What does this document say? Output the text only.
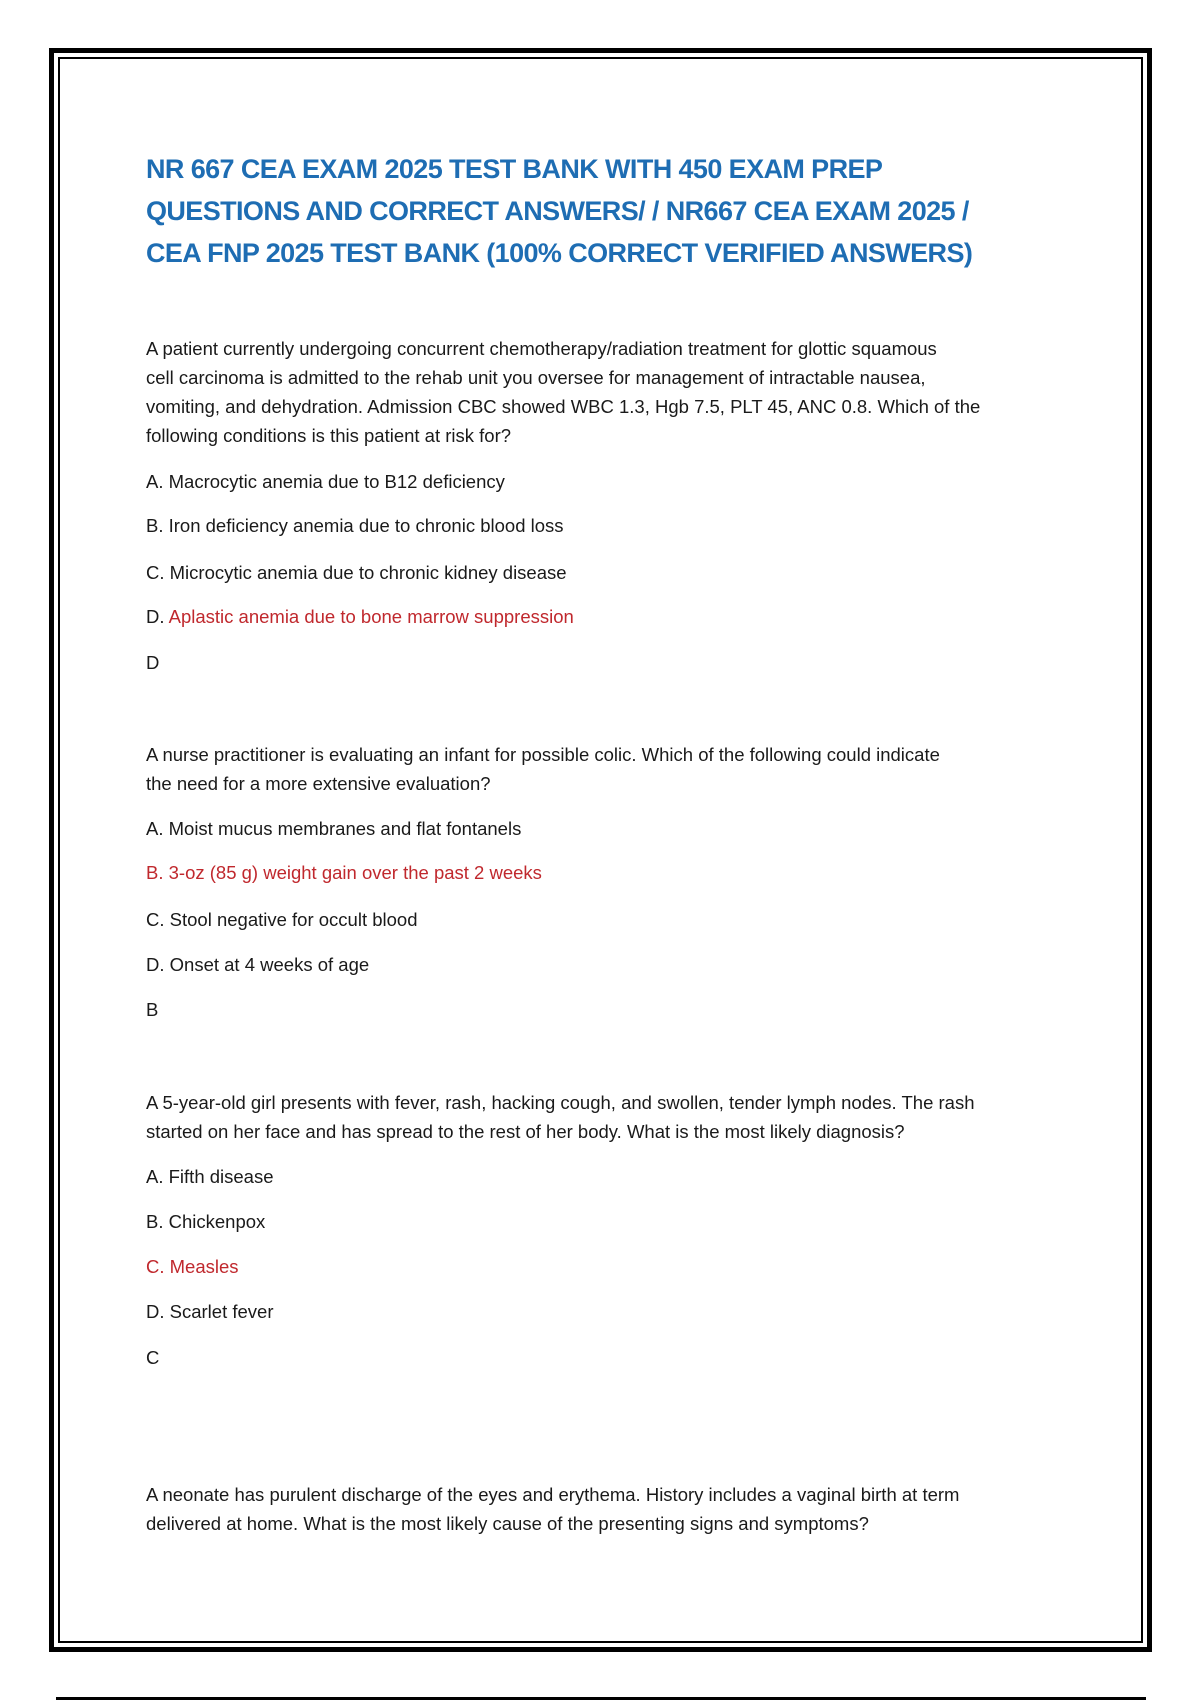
NR 667 CEA EXAM 2025 TEST BANK WITH 450 EXAM PREP
QUESTIONS AND CORRECT ANSWERS/ / NR667 CEA EXAM 2025 /
CEA FNP 2025 TEST BANK (100% CORRECT VERIFIED ANSWERS)
A patient currently undergoing concurrent chemotherapy/radiation treatment for glottic squamous
cell carcinoma is admitted to the rehab unit you oversee for management of intractable nausea,
vomiting, and dehydration. Admission CBC showed WBC 1.3, Hgb 7.5, PLT 45, ANC 0.8. Which of the
following conditions is this patient at risk for?
A. Macrocytic anemia due to B12 deficiency
B. Iron deficiency anemia due to chronic blood loss
C. Microcytic anemia due to chronic kidney disease
D. Aplastic anemia due to bone marrow suppression
D
A nurse practitioner is evaluating an infant for possible colic. Which of the following could indicate
the need for a more extensive evaluation?
A. Moist mucus membranes and flat fontanels
B. 3-oz (85 g) weight gain over the past 2 weeks
C. Stool negative for occult blood
D. Onset at 4 weeks of age
B
A 5-year-old girl presents with fever, rash, hacking cough, and swollen, tender lymph nodes. The rash
started on her face and has spread to the rest of her body. What is the most likely diagnosis?
A. Fifth disease
B. Chickenpox
C. Measles
D. Scarlet fever
C
A neonate has purulent discharge of the eyes and erythema. History includes a vaginal birth at term
delivered at home. What is the most likely cause of the presenting signs and symptoms?
